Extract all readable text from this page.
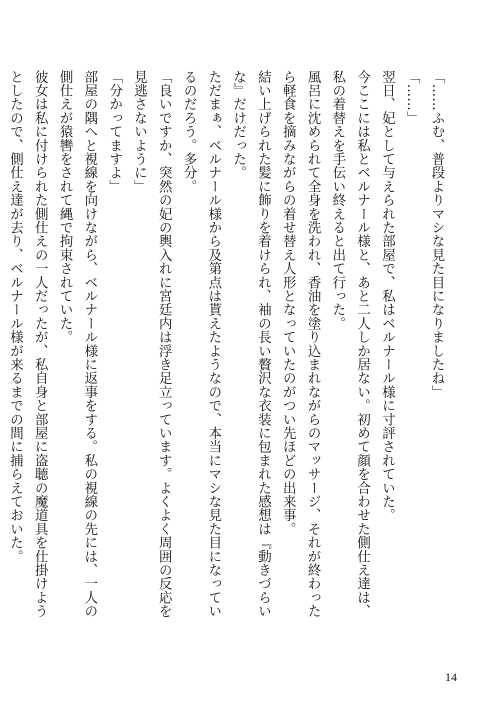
「……ふむ、普段よりマシな見た目になりましたね」

「……」

翌日、妃として与えられた部屋で、私はベルナール様に寸評されていた。

今ここには私とベルナール様と、あと二人しか居ない。初めて顔を合わせた側仕え達は、私の着替えを手伝い終えると出て行った。

風呂に沈められて全身を洗われ、香油を塗り込まれながらのマッサージ、それが終わったら軽食を摘みながらの着せ替え人形となっていたのがつい先ほどの出来事。

結い上げられた髪に飾りを着けられ、袖の長い贅沢な衣装に包まれた感想は『動きづらいな』だけだった。

ただまぁ、ベルナール様から及第点は貰えたようなので、本当にマシな見た目になっているのだろう。多分。

「良いですか、突然の妃の輿入れに宮廷内は浮き足立っています。よくよく周囲の反応を見逃さないように」

「分かってますよ」

部屋の隅へと視線を向けながら、ベルナール様に返事をする。私の視線の先には、一人の側仕えが猿轡をされて縄で拘束されていた。

彼女は私に付けられた側仕えの一人だったが、私自身と部屋に盗聴の魔道具を仕掛けようとしたので、側仕え達が去り、ベルナール様が来るまでの間に捕らえておいた。

14
